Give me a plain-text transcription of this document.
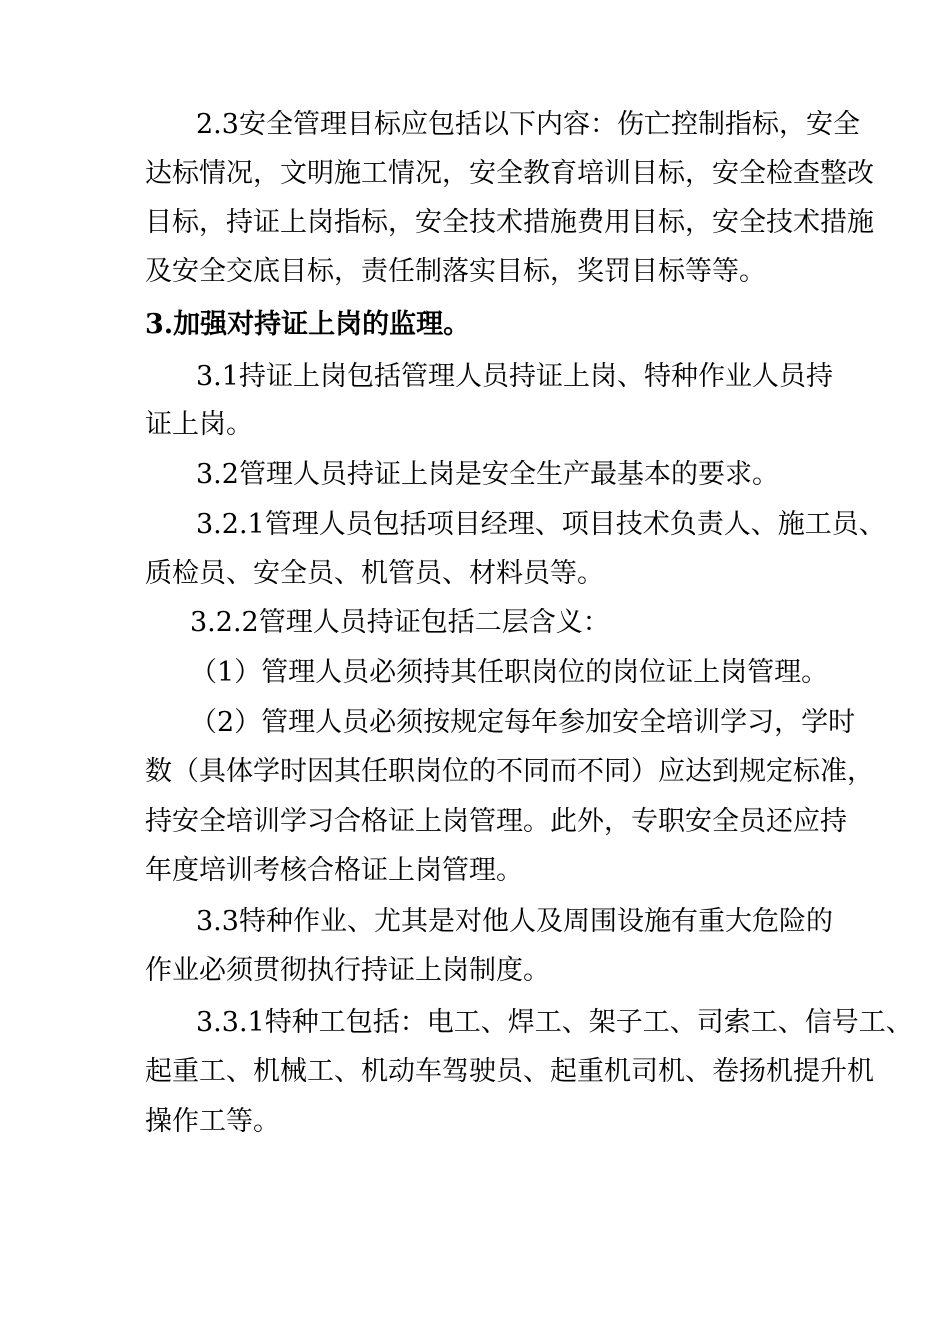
2.3安全管理目标应包括以下内容：伤亡控制指标，安全
达标情况，文明施工情况，安全教育培训目标，安全检查整改
目标，持证上岗指标，安全技术措施费用目标，安全技术措施
及安全交底目标，责任制落实目标，奖罚目标等等。
3.加强对持证上岗的监理。
3.1持证上岗包括管理人员持证上岗、特种作业人员持
证上岗。
3.2管理人员持证上岗是安全生产最基本的要求。
3.2.1管理人员包括项目经理、项目技术负责人、施工员、
质检员、安全员、机管员、材料员等。
3.2.2管理人员持证包括二层含义：
（1）管理人员必须持其任职岗位的岗位证上岗管理。
（2）管理人员必须按规定每年参加安全培训学习，学时
数（具体学时因其任职岗位的不同而不同）应达到规定标准，
持安全培训学习合格证上岗管理。此外，专职安全员还应持
年度培训考核合格证上岗管理。
3.3特种作业、尤其是对他人及周围设施有重大危险的
作业必须贯彻执行持证上岗制度。
3.3.1特种工包括：电工、焊工、架子工、司索工、信号工、
起重工、机械工、机动车驾驶员、起重机司机、卷扬机提升机
操作工等。
